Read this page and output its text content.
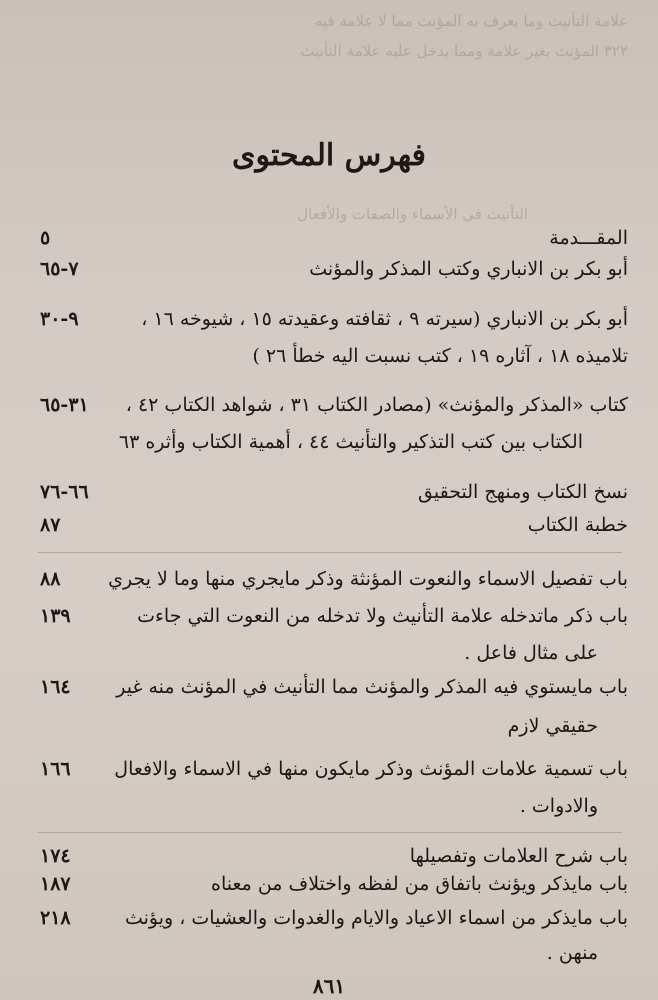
علامة التأنيث وما يعرف به المؤنث مما لا علامة فيه
٣٢٢ المؤنث بغير علامة ومما يدخل عليه علامة التأنيث
التأنيث في الأسماء والصفات والأفعال
فهرس المحتوى
المقـــدمة
٥
أبو بكر بن الانباري وكتب المذكر والمؤنث
٧-٦٥
أبو بكر بن الانباري (سيرته ٩ ، ثقافته وعقيدته ١٥ ، شيوخه ١٦ ،
٩-٣٠
تلاميذه ١٨ ، آثاره ١٩ ، كتب نسبت اليه خطأ ٢٦ )
كتاب «المذكر والمؤنث» (مصادر الكتاب ٣١ ، شواهد الكتاب ٤٢ ،
٣١-٦٥
الكتاب بين كتب التذكير والتأنيث ٤٤ ، أهمية الكتاب وأثره ٦٣
نسخ الكتاب ومنهج التحقيق
٦٦-٧٦
خطبة الكتاب
٨٧
باب تفصيل الاسماء والنعوت المؤنثة وذكر مايجري منها وما لا يجري
٨٨
باب ذكر ماتدخله علامة التأنيث ولا تدخله من النعوت التي جاءت
١٣٩
على مثال فاعل .
باب مايستوي فيه المذكر والمؤنث مما التأنيث في المؤنث منه غير
١٦٤
حقيقي لازم
باب تسمية علامات المؤنث وذكر مايكون منها في الاسماء والافعال
١٦٦
والادوات .
باب شرح العلامات وتفصيلها
١٧٤
باب مايذكر ويؤنث باتفاق من لفظه واختلاف من معناه
١٨٧
باب مايذكر من اسماء الاعياد والايام والغدوات والعشيات ، ويؤنث
٢١٨
منهن .
٨٦١
